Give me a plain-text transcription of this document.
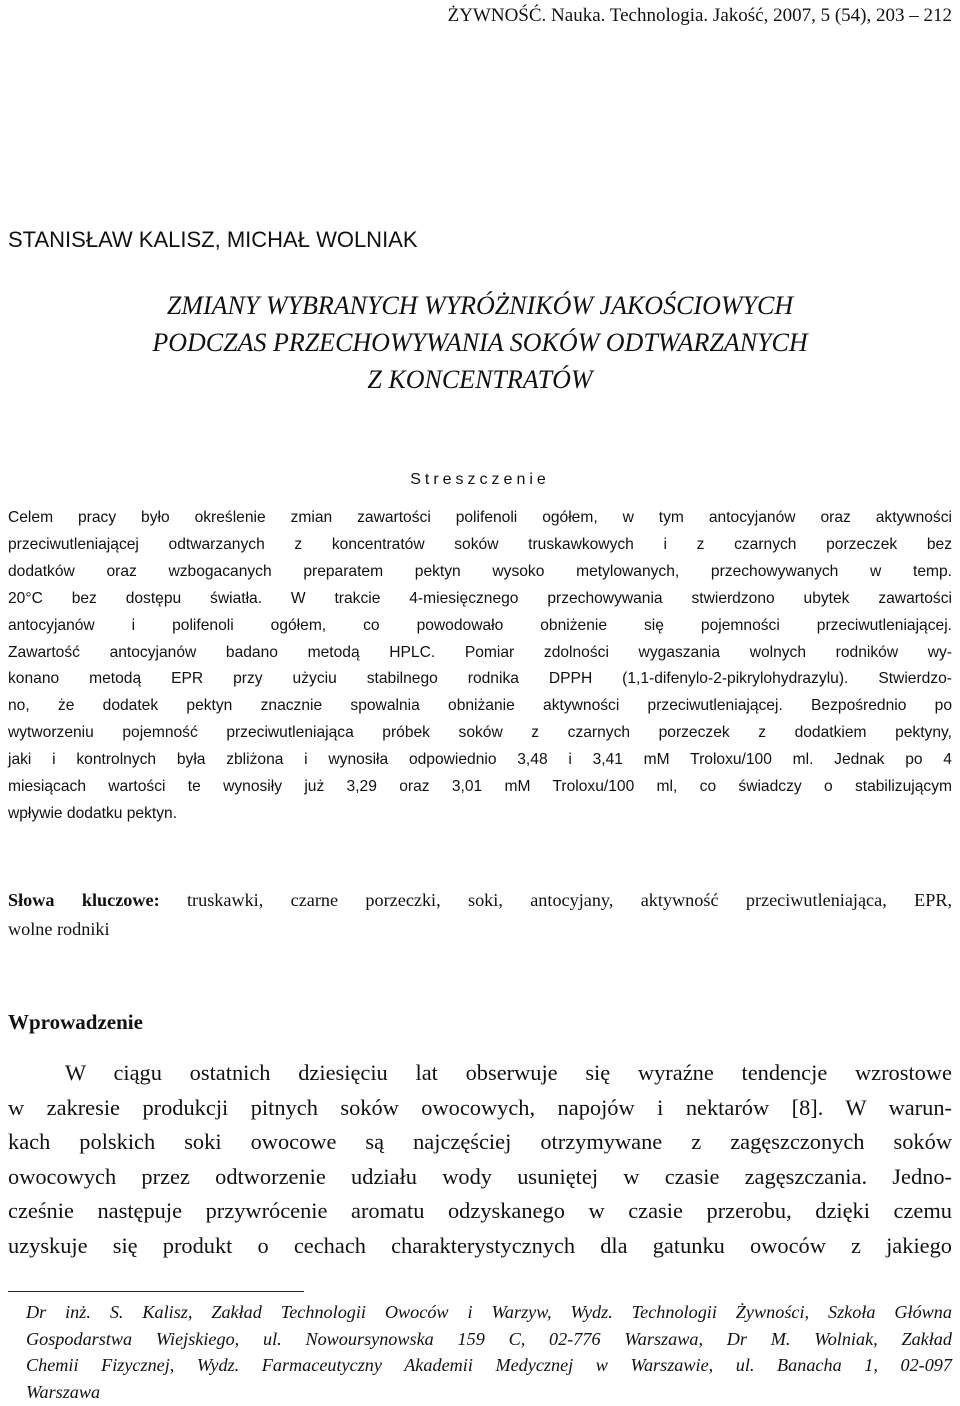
ŻYWNOŚĆ. Nauka. Technologia. Jakość, 2007, 5 (54), 203 – 212
STANISŁAW KALISZ, MICHAŁ WOLNIAK
ZMIANY WYBRANYCH WYRÓŻNIKÓW JAKOŚCIOWYCH
PODCZAS PRZECHOWYWANIA SOKÓW ODTWARZANYCH
Z KONCENTRATÓW
Streszczenie
Celem pracy było określenie zmian zawartości polifenoli ogółem, w tym antocyjanów oraz aktywności
przeciwutleniającej odtwarzanych z koncentratów soków truskawkowych i z czarnych porzeczek bez
dodatków oraz wzbogacanych preparatem pektyn wysoko metylowanych, przechowywanych w temp.
20°C bez dostępu światła. W trakcie 4-miesięcznego przechowywania stwierdzono ubytek zawartości
antocyjanów i polifenoli ogółem, co powodowało obniżenie się pojemności przeciwutleniającej.
Zawartość antocyjanów badano metodą HPLC. Pomiar zdolności wygaszania wolnych rodników wy-
konano metodą EPR przy użyciu stabilnego rodnika DPPH (1,1-difenylo-2-pikrylohydrazylu). Stwierdzo-
no, że dodatek pektyn znacznie spowalnia obniżanie aktywności przeciwutleniającej. Bezpośrednio po
wytworzeniu pojemność przeciwutleniająca próbek soków z czarnych porzeczek z dodatkiem pektyny,
jaki i kontrolnych była zbliżona i wynosiła odpowiednio 3,48 i 3,41 mM Troloxu/100 ml. Jednak po 4
miesiącach wartości te wynosiły już 3,29 oraz 3,01 mM Troloxu/100 ml, co świadczy o stabilizującym
wpływie dodatku pektyn.
Słowa kluczowe: truskawki, czarne porzeczki, soki, antocyjany, aktywność przeciwutleniająca, EPR,
wolne rodniki
Wprowadzenie
W ciągu ostatnich dziesięciu lat obserwuje się wyraźne tendencje wzrostowe
w zakresie produkcji pitnych soków owocowych, napojów i nektarów [8]. W warun-
kach polskich soki owocowe są najczęściej otrzymywane z zagęszczonych soków
owocowych przez odtworzenie udziału wody usuniętej w czasie zagęszczania. Jedno-
cześnie następuje przywrócenie aromatu odzyskanego w czasie przerobu, dzięki czemu
uzyskuje się produkt o cechach charakterystycznych dla gatunku owoców z jakiego
Dr inż. S. Kalisz, Zakład Technologii Owoców i Warzyw, Wydz. Technologii Żywności, Szkoła Główna
Gospodarstwa Wiejskiego, ul. Nowoursynowska 159 C, 02-776 Warszawa, Dr M. Wolniak, Zakład
Chemii Fizycznej, Wydz. Farmaceutyczny Akademii Medycznej w Warszawie, ul. Banacha 1, 02-097
Warszawa
